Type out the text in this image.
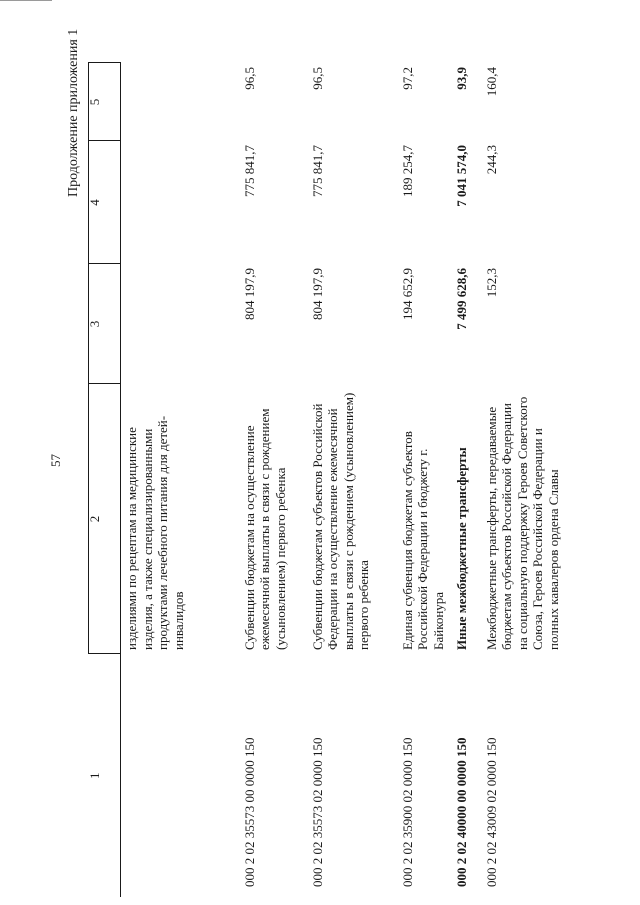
57
Продолжение приложения 1
1	2	3	4	5
	изделиями по рецептам на медицинские изделия, а также специализированными продуктами лечебного питания для детей-инвалидов			
000 2 02 35573 00 0000 150	Субвенции бюджетам на осуществление ежемесячной выплаты в связи с рождением (усыновлением) первого ребенка	804 197,9	775 841,7	96,5
000 2 02 35573 02 0000 150	Субвенции бюджетам субъектов Российской Федерации на осуществление ежемесячной выплаты в связи с рождением (усыновлением) первого ребенка	804 197,9	775 841,7	96,5
000 2 02 35900 02 0000 150	Единая субвенция бюджетам субъектов Российской Федерации и бюджету г. Байконура	194 652,9	189 254,7	97,2
000 2 02 40000 00 0000 150	Иные межбюджетные трансферты	7 499 628,6	7 041 574,0	93,9
000 2 02 43009 02 0000 150	Межбюджетные трансферты, передаваемые бюджетам субъектов Российской Федерации на социальную поддержку Героев Советского Союза, Героев Российской Федерации и полных кавалеров ордена Славы	152,3	244,3	160,4
